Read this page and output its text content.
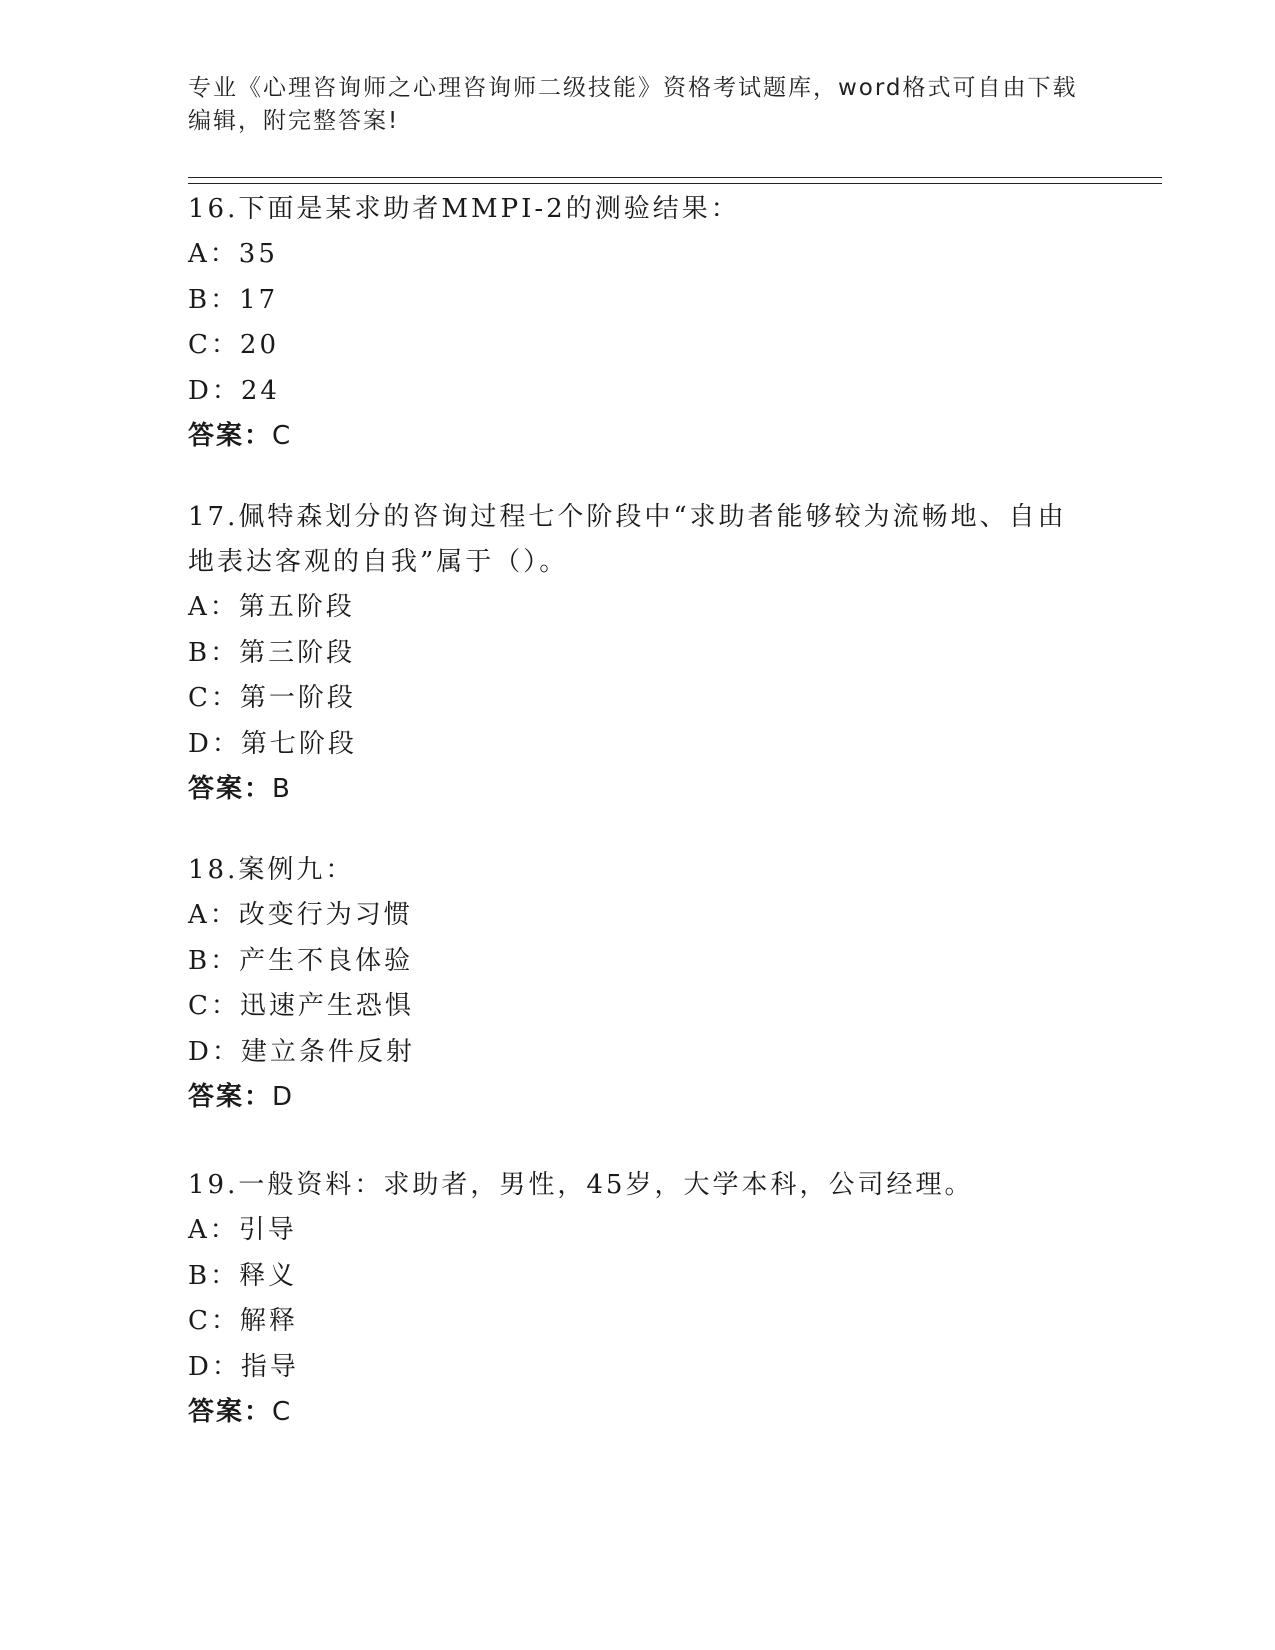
专业《心理咨询师之心理咨询师二级技能》资格考试题库，word格式可自由下载
编辑，附完整答案!

16.下面是某求助者MMPI-2的测验结果：

A：35

B：17

C：20

D：24

答案：C

17.佩特森划分的咨询过程七个阶段中“求助者能够较为流畅地、自由

地表达客观的自我”属于（）。

A：第五阶段

B：第三阶段

C：第一阶段

D：第七阶段

答案：B

18.案例九：

A：改变行为习惯

B：产生不良体验

C：迅速产生恐惧

D：建立条件反射

答案：D

19.一般资料：求助者，男性，45岁，大学本科，公司经理。

A：引导

B：释义

C：解释

D：指导

答案：C
